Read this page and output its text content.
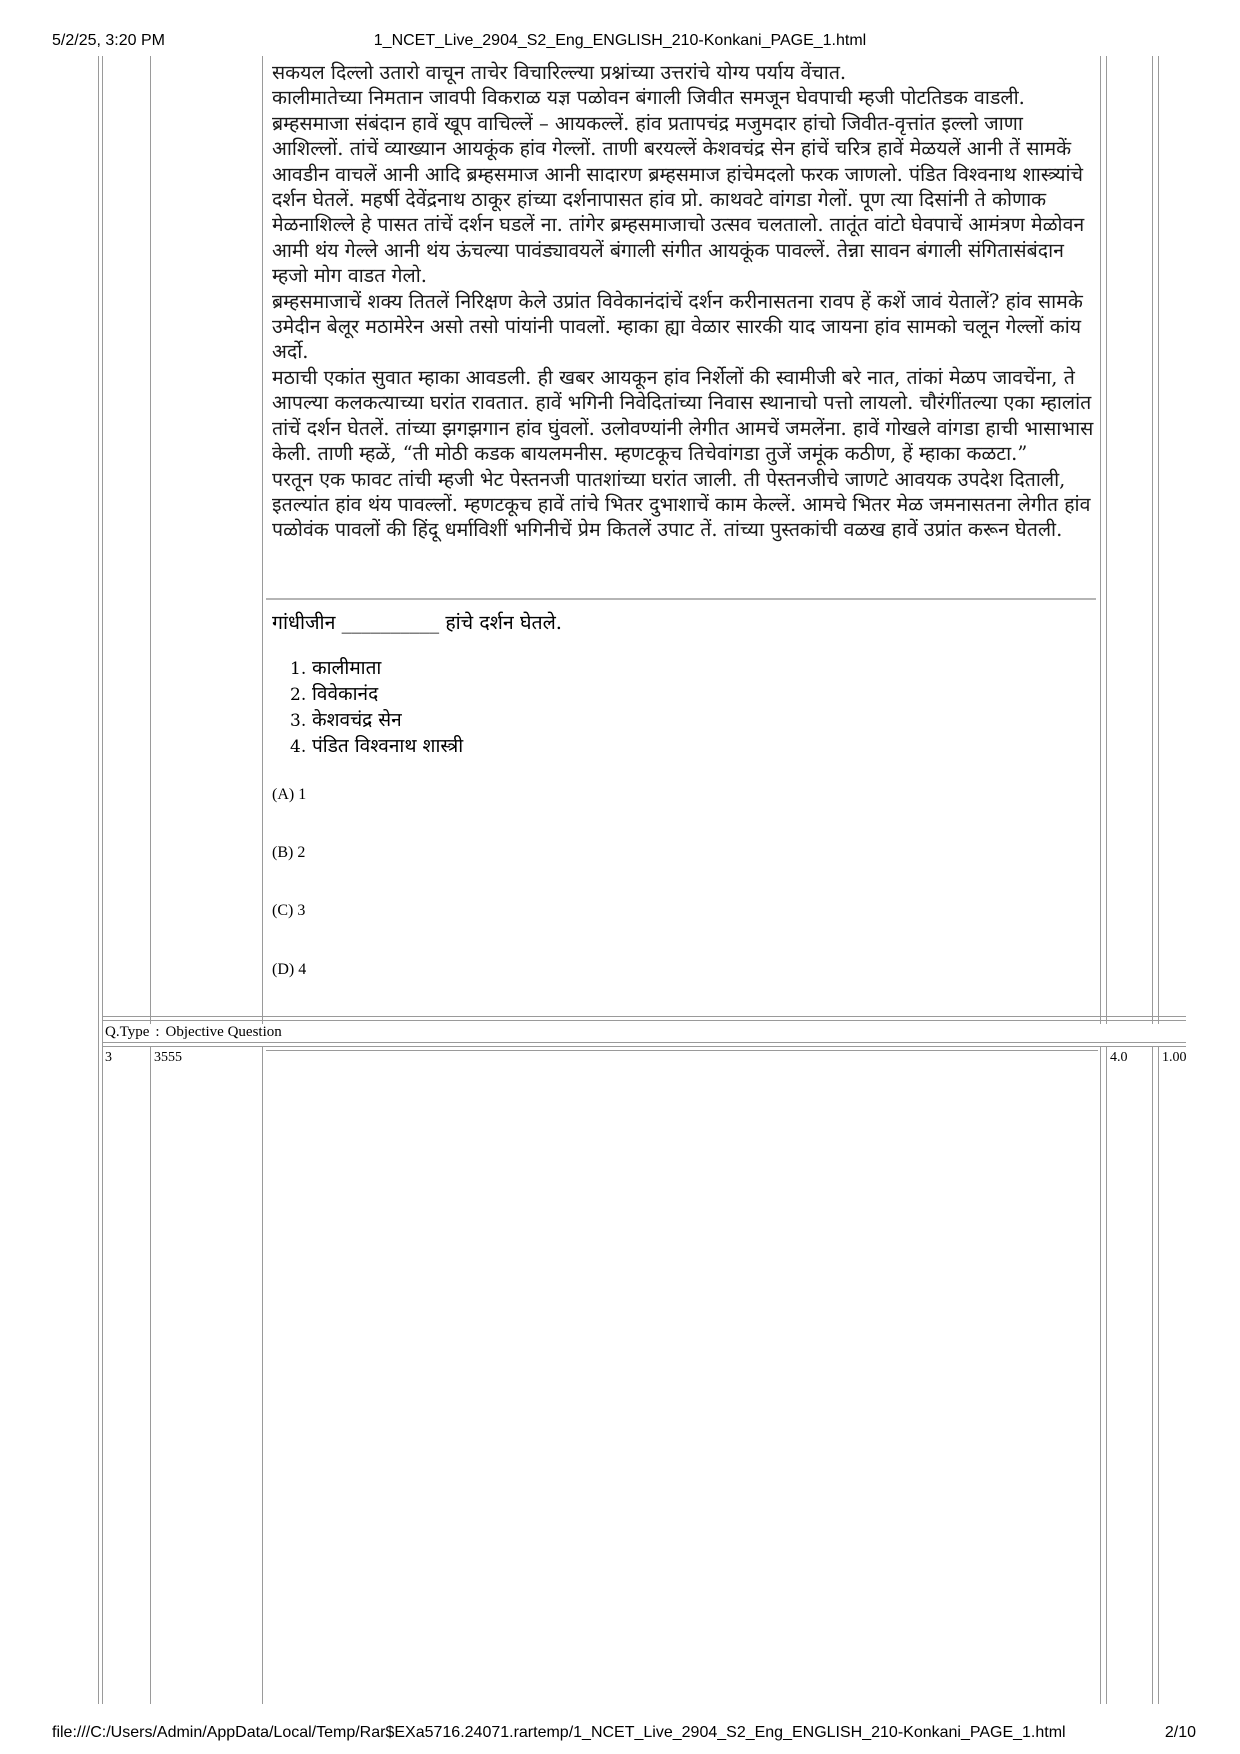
5/2/25, 3:20 PM	1_NCET_Live_2904_S2_Eng_ENGLISH_210-Konkani_PAGE_1.html

सकयल दिल्लो उतारो वाचून ताचेर विचारिल्ल्या प्रश्नांच्या उत्तरांचे योग्य पर्याय वेंचात.

कालीमातेच्या निमतान जावपी विकराळ यज्ञ पळोवन बंगाली जिवीत समजून घेवपाची म्हजी पोटतिडक वाडली. ब्रम्हसमाजा संबंदान हावें खूप वाचिल्लें – आयकल्लें. हांव प्रतापचंद्र मजुमदार हांचो जिवीत-वृत्तांत इल्लो जाणा आशिल्लों. तांचें व्याख्यान आयकूंक हांव गेल्लों. ताणी बरयल्लें केशवचंद्र सेन हांचें चरित्र हावें मेळयलें आनी तें सामकें आवडीन वाचलें आनी आदि ब्रम्हसमाज आनी सादारण ब्रम्हसमाज हांचेमदलो फरक जाणलो. पंडित विश्वनाथ शास्त्र्यांचे दर्शन घेतलें. महर्षी देवेंद्रनाथ ठाकूर हांच्या दर्शनापासत हांव प्रो. काथवटे वांगडा गेलों. पूण त्या दिसांनी ते कोणाक मेळनाशिल्ले हे पासत तांचें दर्शन घडलें ना. तांगेर ब्रम्हसमाजाचो उत्सव चलतालो. तातूंत वांटो घेवपाचें आमंत्रण मेळोवन आमी थंय गेल्ले आनी थंय ऊंचल्या पावंड्यावयलें बंगाली संगीत आयकूंक पावल्लें. तेन्ना सावन बंगाली संगितासंबंदान म्हजो मोग वाडत गेलो.

ब्रम्हसमाजाचें शक्य तितलें निरिक्षण केले उप्रांत विवेकानंदांचें दर्शन करीनासतना रावप हें कशें जावं येतालें? हांव सामके उमेदीन बेलूर मठामेरेन असो तसो पांयांनी पावलों. म्हाका ह्या वेळार सारकी याद जायना हांव सामको चलून गेल्लों कांय अर्दो.

मठाची एकांत सुवात म्हाका आवडली. ही खबर आयकून हांव निर्शेलों की स्वामीजी बरे नात, तांकां मेळप जावचेंना, ते आपल्या कलकत्याच्या घरांत रावतात. हावें भगिनी निवेदितांच्या निवास स्थानाचो पत्तो लायलो. चौरंगींतल्या एका म्हालांत तांचें दर्शन घेतलें. तांच्या झगझगान हांव घुंवलों. उलोवण्यांनी लेगीत आमचें जमलेंना. हावें गोखले वांगडा हाची भासाभास केली. ताणी म्हळें, “ती मोठी कडक बायलमनीस. म्हणटकूच तिचेवांगडा तुजें जमूंक कठीण, हें म्हाका कळटा.”

परतून एक फावट तांची म्हजी भेट पेस्तनजी पातशांच्या घरांत जाली. ती पेस्तनजीचे जाणटे आवयक उपदेश दिताली, इतल्यांत हांव थंय पावल्लों. म्हणटकूच हावें तांचे भितर दुभाशाचें काम केल्लें. आमचे भितर मेळ जमनासतना लेगीत हांव पळोवंक पावलों की हिंदू धर्माविशीं भगिनीचें प्रेम कितलें उपाट तें. तांच्या पुस्तकांची वळख हावें उप्रांत करून घेतली.

गांधीजीन __________ हांचे दर्शन घेतले.
1. कालीमाता
2. विवेकानंद
3. केशवचंद्र सेन
4. पंडित विश्वनाथ शास्त्री
(A) 1
(B) 2
(C) 3
(D) 4
Q.Type : Objective Question
3	3555	4.0 1.00
file:///C:/Users/Admin/AppData/Local/Temp/Rar$EXa5716.24071.rartemp/1_NCET_Live_2904_S2_Eng_ENGLISH_210-Konkani_PAGE_1.html	2/10
